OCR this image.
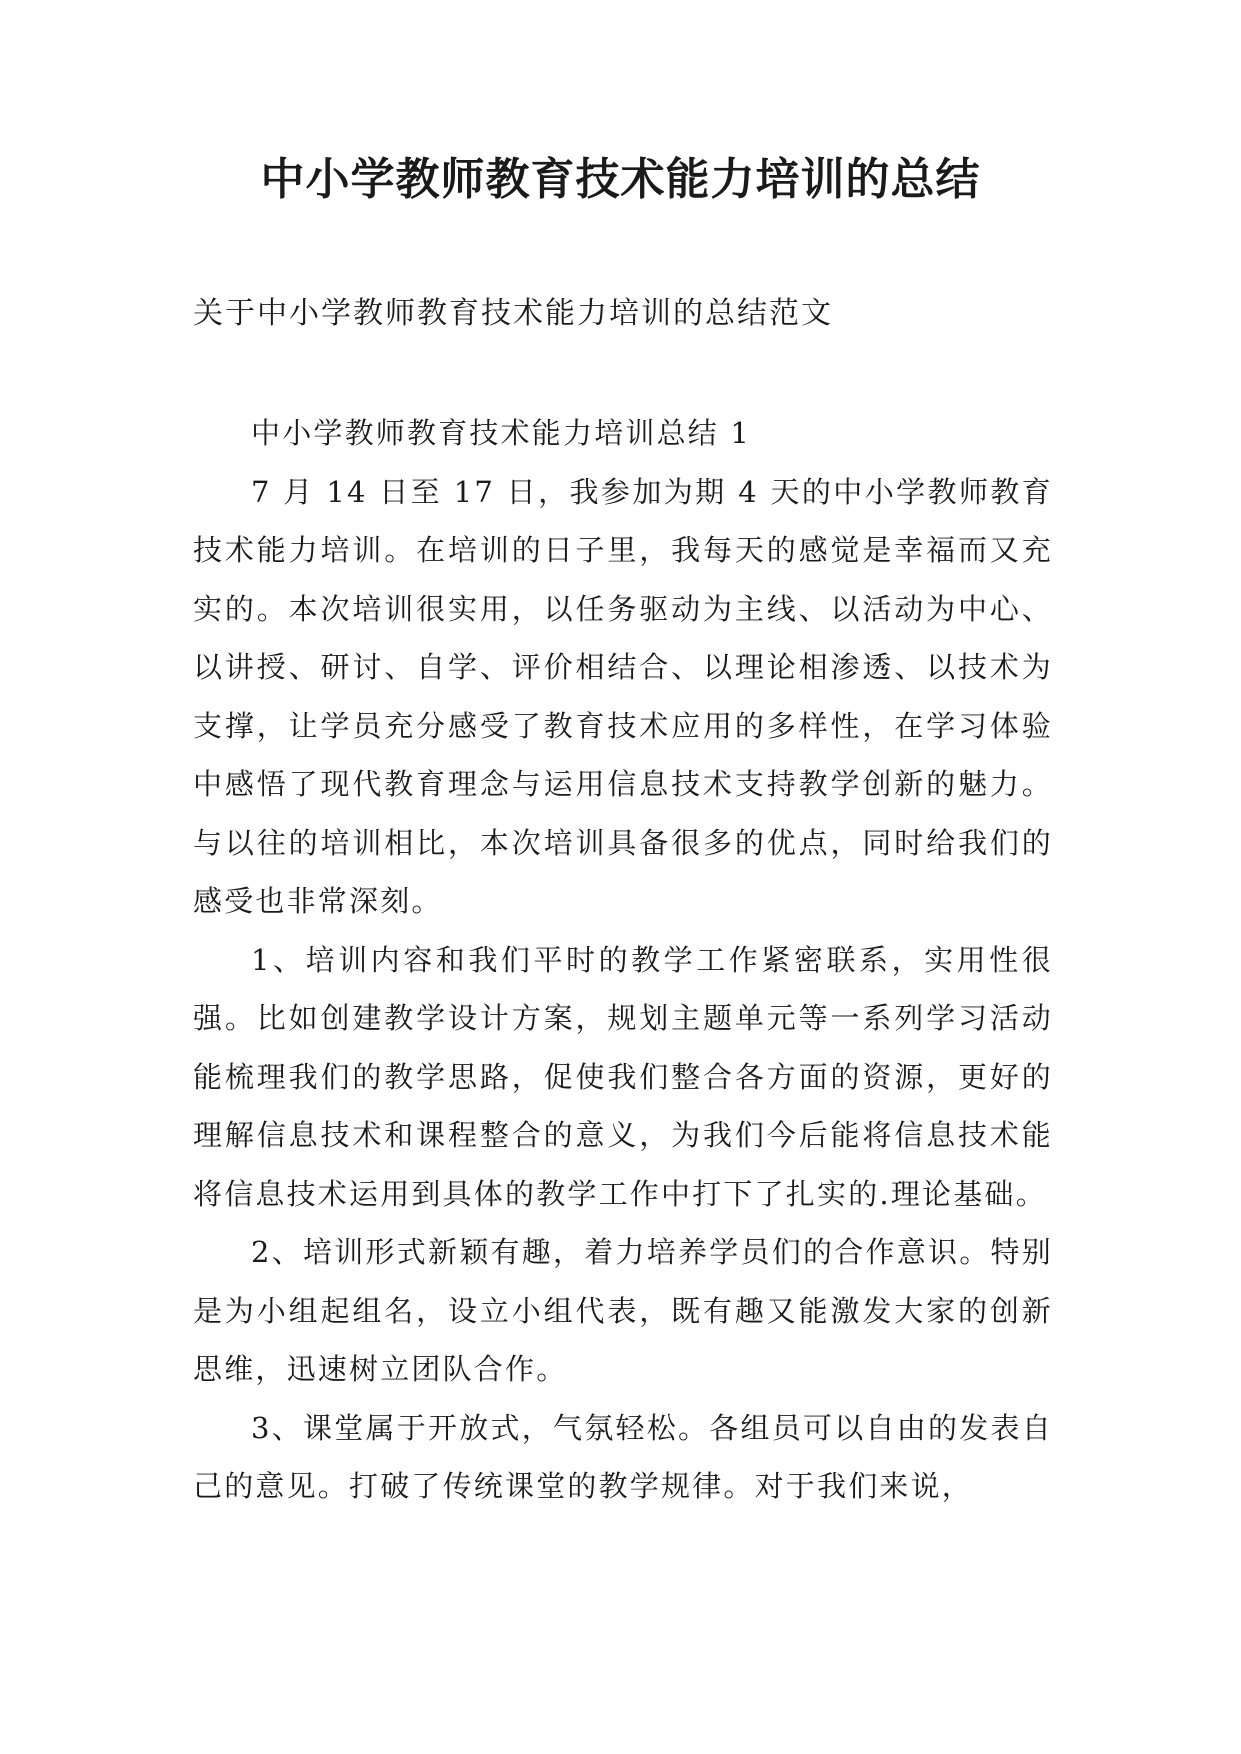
中小学教师教育技术能力培训的总结

关于中小学教师教育技术能力培训的总结范文

中小学教师教育技术能力培训总结 1

7 月 14 日至 17 日，我参加为期 4 天的中小学教师教育技术能力培训。在培训的日子里，我每天的感觉是幸福而又充实的。本次培训很实用，以任务驱动为主线、以活动为中心、以讲授、研讨、自学、评价相结合、以理论相渗透、以技术为支撑，让学员充分感受了教育技术应用的多样性，在学习体验中感悟了现代教育理念与运用信息技术支持教学创新的魅力。与以往的培训相比，本次培训具备很多的优点，同时给我们的感受也非常深刻。

1、培训内容和我们平时的教学工作紧密联系，实用性很强。比如创建教学设计方案，规划主题单元等一系列学习活动能梳理我们的教学思路，促使我们整合各方面的资源，更好的理解信息技术和课程整合的意义，为我们今后能将信息技术能将信息技术运用到具体的教学工作中打下了扎实的.理论基础。

2、培训形式新颖有趣，着力培养学员们的合作意识。特别是为小组起组名，设立小组代表，既有趣又能激发大家的创新思维，迅速树立团队合作。

3、课堂属于开放式，气氛轻松。各组员可以自由的发表自己的意见。打破了传统课堂的教学规律。对于我们来说，
